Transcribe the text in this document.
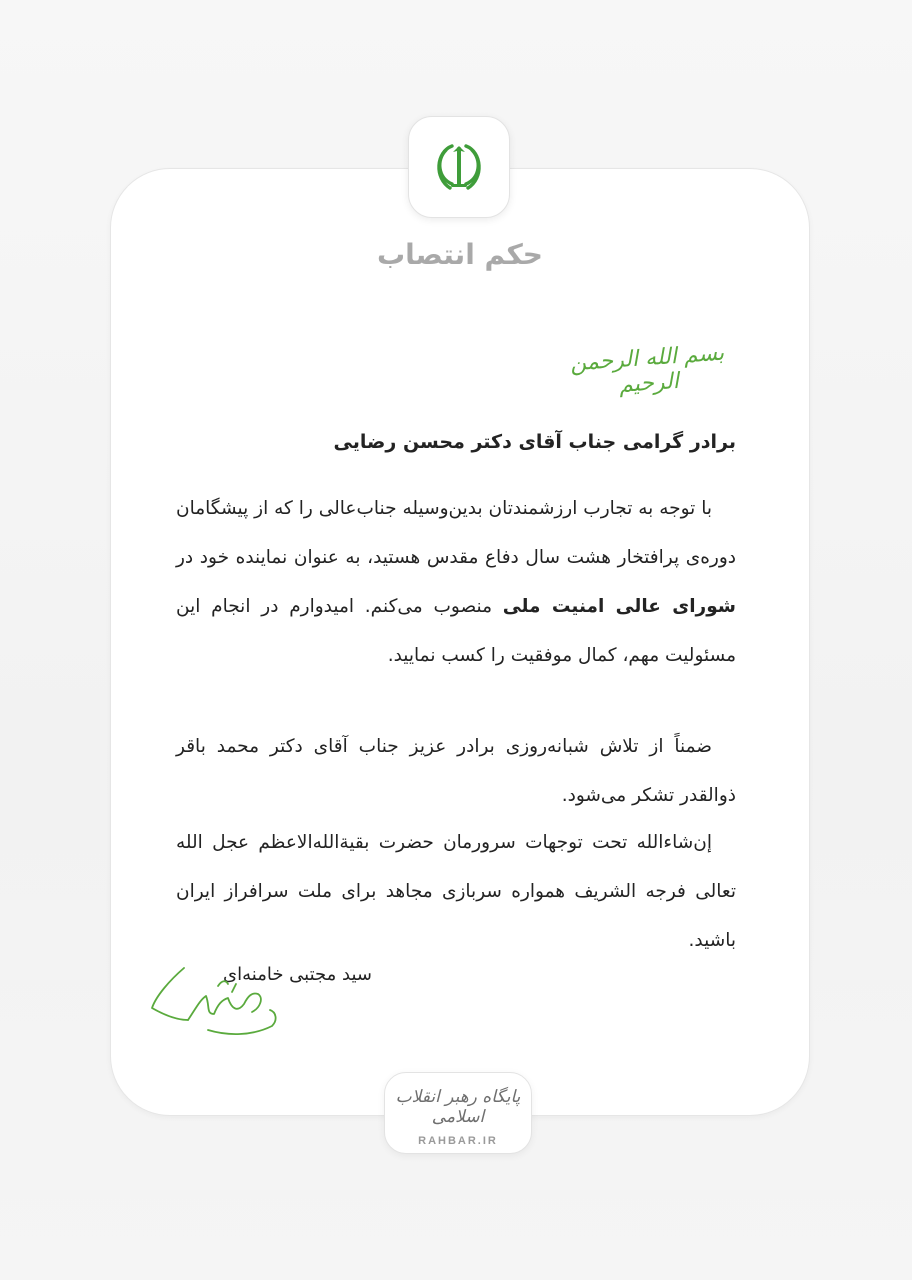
حکم انتصاب
بسم الله الرحمن الرحیم
برادر گرامی جناب آقای دکتر محسن رضایی
با توجه به تجارب ارزشمندتان بدین‌وسیله جناب‌عالی را که از پیشگامان دوره‌ی پرافتخار هشت سال دفاع مقدس هستید، به عنوان نماینده خود در شورای عالی امنیت ملی منصوب می‌کنم. امیدوارم در انجام این مسئولیت مهم، کمال موفقیت را کسب نمایید.
ضمناً از تلاش شبانه‌روزی برادر عزیز جناب آقای دکتر محمد باقر ذوالقدر تشکر می‌شود.
إن‌شاءالله تحت توجهات سرورمان حضرت بقیة‌الله‌الاعظم عجل الله تعالی فرجه الشریف همواره سربازی مجاهد برای ملت سرافراز ایران باشید.
سید مجتبی خامنه‌ای
پایگاه رهبر انقلاب اسلامی
RAHBAR.IR
